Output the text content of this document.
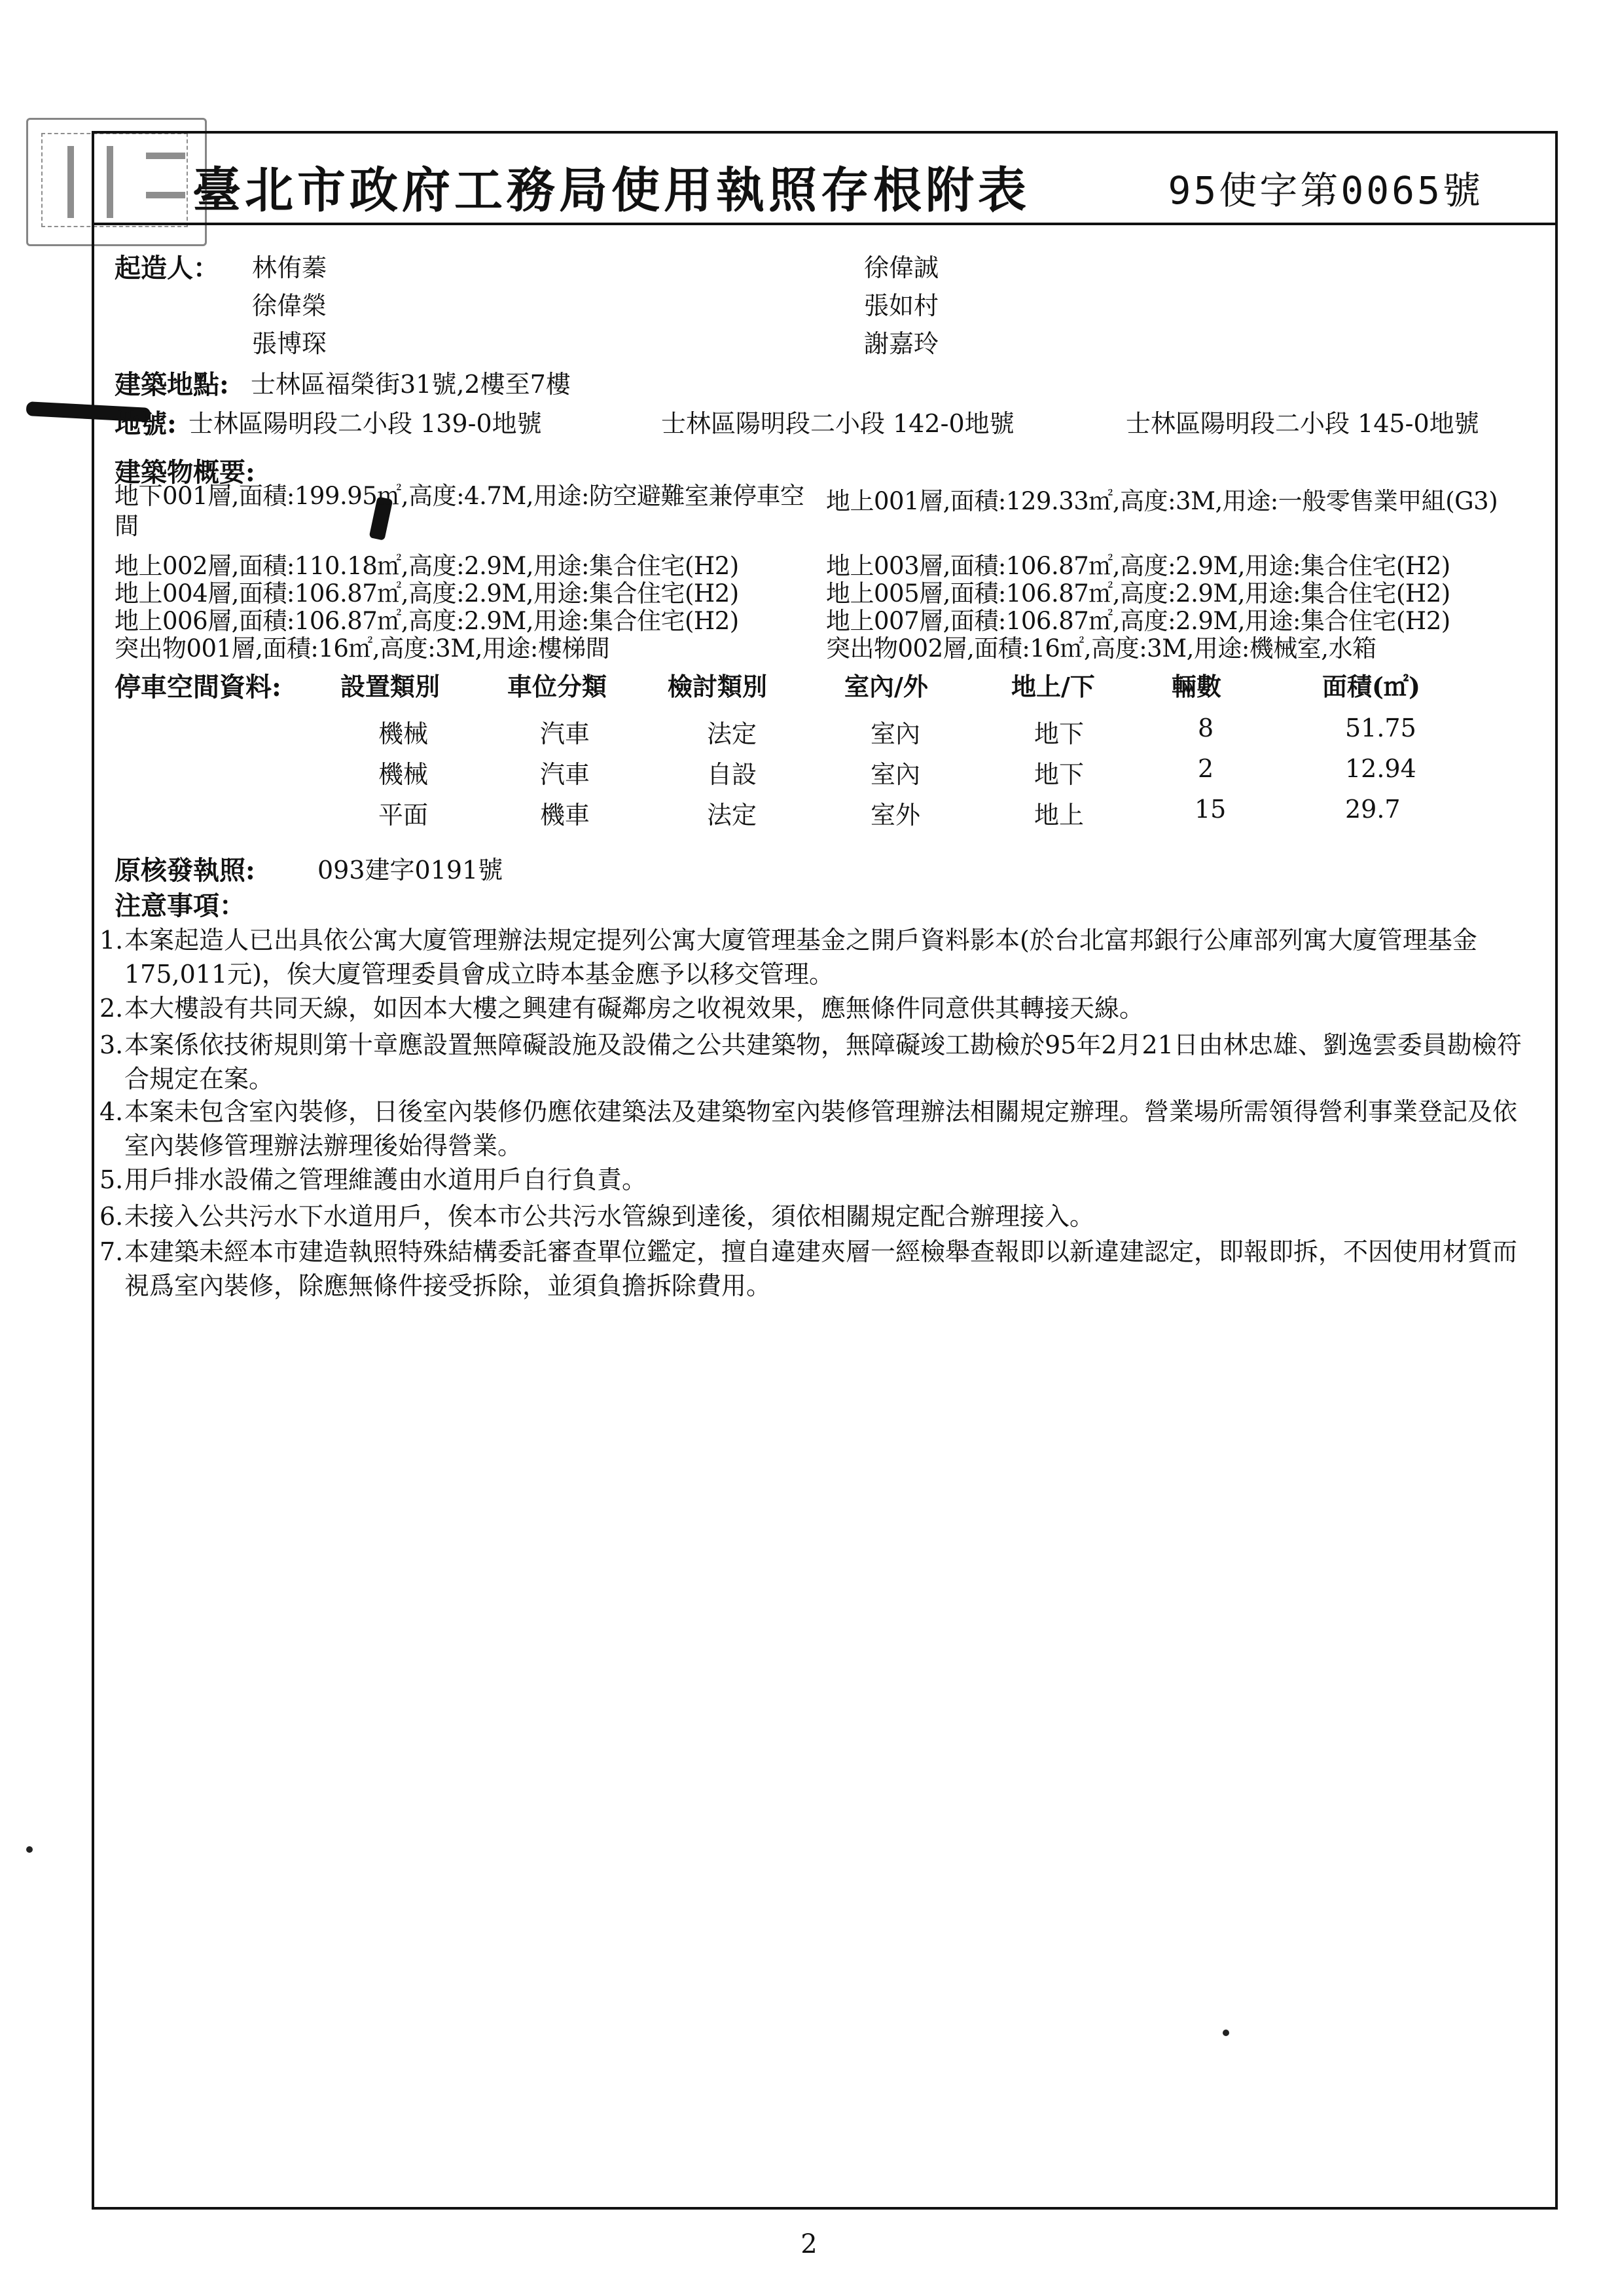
臺北市政府工務局使用執照存根附表	95使字第0065號
起造人： 林侑蓁
徐偉榮
張博琛
徐偉誠
張如村
謝嘉玲
建築地點: 士林區福榮街31號,2樓至7樓
地號: 士林區陽明段二小段 139-0地號	士林區陽明段二小段 142-0地號	士林區陽明段二小段 145-0地號
建築物概要:
地下001層,面積:199.95㎡,高度:4.7M,用途:防空避難室兼停車空間
地上001層,面積:129.33㎡,高度:3M,用途:一般零售業甲組(G3)
地上002層,面積:110.18㎡,高度:2.9M,用途:集合住宅(H2)	地上003層,面積:106.87㎡,高度:2.9M,用途:集合住宅(H2)
地上004層,面積:106.87㎡,高度:2.9M,用途:集合住宅(H2)	地上005層,面積:106.87㎡,高度:2.9M,用途:集合住宅(H2)
地上006層,面積:106.87㎡,高度:2.9M,用途:集合住宅(H2)	地上007層,面積:106.87㎡,高度:2.9M,用途:集合住宅(H2)
突出物001層,面積:16㎡,高度:3M,用途:樓梯間	突出物002層,面積:16㎡,高度:3M,用途:機械室,水箱
停車空間資料: 設置類別	車位分類 檢討類別	室內/外	地上/下	輛數	面積(㎡)
機械	汽車	法定	室內	地下	8	51.75
機械	汽車	自設	室內	地下	2	12.94
平面	機車	法定	室外	地上	15	29.7
原核發執照:	093建字0191號
注意事項：
1. 本案起造人已出具依公寓大廈管理辦法規定提列公寓大廈管理基金之開戶資料影本(於台北富邦銀行公庫部列寓大廈管理基金175,011元)，俟大廈管理委員會成立時本基金應予以移交管理。
2. 本大樓設有共同天線，如因本大樓之興建有礙鄰房之收視效果，應無條件同意供其轉接天線。
3. 本案係依技術規則第十章應設置無障礙設施及設備之公共建築物，無障礙竣工勘檢於95年2月21日由林忠雄、劉逸雲委員勘檢符合規定在案。
4. 本案未包含室內裝修，日後室內裝修仍應依建築法及建築物室內裝修管理辦法相關規定辦理。營業場所需領得營利事業登記及依室內裝修管理辦法辦理後始得營業。
5. 用戶排水設備之管理維護由水道用戶自行負責。
6. 未接入公共污水下水道用戶，俟本市公共污水管線到達後，須依相關規定配合辦理接入。
7. 本建築未經本市建造執照特殊結構委託審查單位鑑定，擅自違建夾層一經檢舉查報即以新違建認定，即報即拆，不因使用材質而視爲室內裝修，除應無條件接受拆除，並須負擔拆除費用。
2
